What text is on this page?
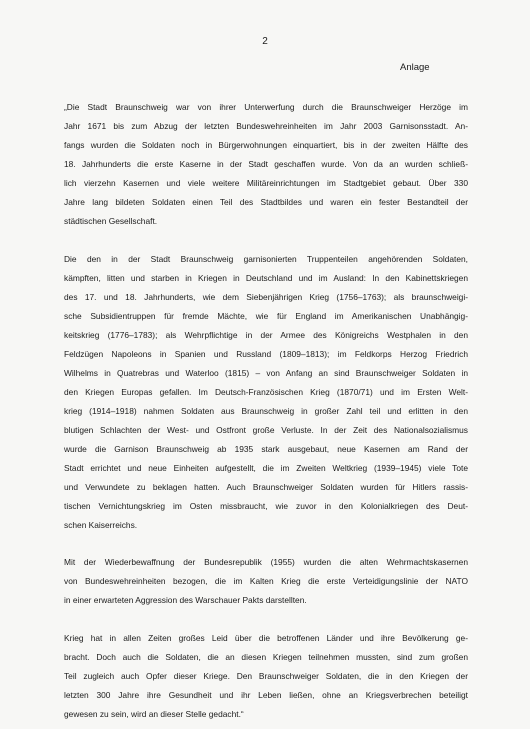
2
Anlage
„Die Stadt Braunschweig war von ihrer Unterwerfung durch die Braunschweiger Herzöge im
Jahr 1671 bis zum Abzug der letzten Bundeswehreinheiten im Jahr 2003 Garnisonsstadt. An-
fangs wurden die Soldaten noch in Bürgerwohnungen einquartiert, bis in der zweiten Hälfte des
18. Jahrhunderts die erste Kaserne in der Stadt geschaffen wurde. Von da an wurden schließ-
lich vierzehn Kasernen und viele weitere Militäreinrichtungen im Stadtgebiet gebaut. Über 330
Jahre lang bildeten Soldaten einen Teil des Stadtbildes und waren ein fester Bestandteil der
städtischen Gesellschaft.
Die den in der Stadt Braunschweig garnisonierten Truppenteilen angehörenden Soldaten,
kämpften, litten und starben in Kriegen in Deutschland und im Ausland: In den Kabinettskriegen
des 17. und 18. Jahrhunderts, wie dem Siebenjährigen Krieg (1756–1763); als braunschweigi-
sche Subsidientruppen für fremde Mächte, wie für England im Amerikanischen Unabhängig-
keitskrieg (1776–1783); als Wehrpflichtige in der Armee des Königreichs Westphalen in den
Feldzügen Napoleons in Spanien und Russland (1809–1813); im Feldkorps Herzog Friedrich
Wilhelms in Quatrebras und Waterloo (1815) – von Anfang an sind Braunschweiger Soldaten in
den Kriegen Europas gefallen. Im Deutsch-Französischen Krieg (1870/71) und im Ersten Welt-
krieg (1914–1918) nahmen Soldaten aus Braunschweig in großer Zahl teil und erlitten in den
blutigen Schlachten der West- und Ostfront große Verluste. In der Zeit des Nationalsozialismus
wurde die Garnison Braunschweig ab 1935 stark ausgebaut, neue Kasernen am Rand der
Stadt errichtet und neue Einheiten aufgestellt, die im Zweiten Weltkrieg (1939–1945) viele Tote
und Verwundete zu beklagen hatten. Auch Braunschweiger Soldaten wurden für Hitlers rassis-
tischen Vernichtungskrieg im Osten missbraucht, wie zuvor in den Kolonialkriegen des Deut-
schen Kaiserreichs.
Mit der Wiederbewaffnung der Bundesrepublik (1955) wurden die alten Wehrmachtskasernen
von Bundeswehreinheiten bezogen, die im Kalten Krieg die erste Verteidigungslinie der NATO
in einer erwarteten Aggression des Warschauer Pakts darstellten.
Krieg hat in allen Zeiten großes Leid über die betroffenen Länder und ihre Bevölkerung ge-
bracht. Doch auch die Soldaten, die an diesen Kriegen teilnehmen mussten, sind zum großen
Teil zugleich auch Opfer dieser Kriege. Den Braunschweiger Soldaten, die in den Kriegen der
letzten 300 Jahre ihre Gesundheit und ihr Leben ließen, ohne an Kriegsverbrechen beteiligt
gewesen zu sein, wird an dieser Stelle gedacht.“
